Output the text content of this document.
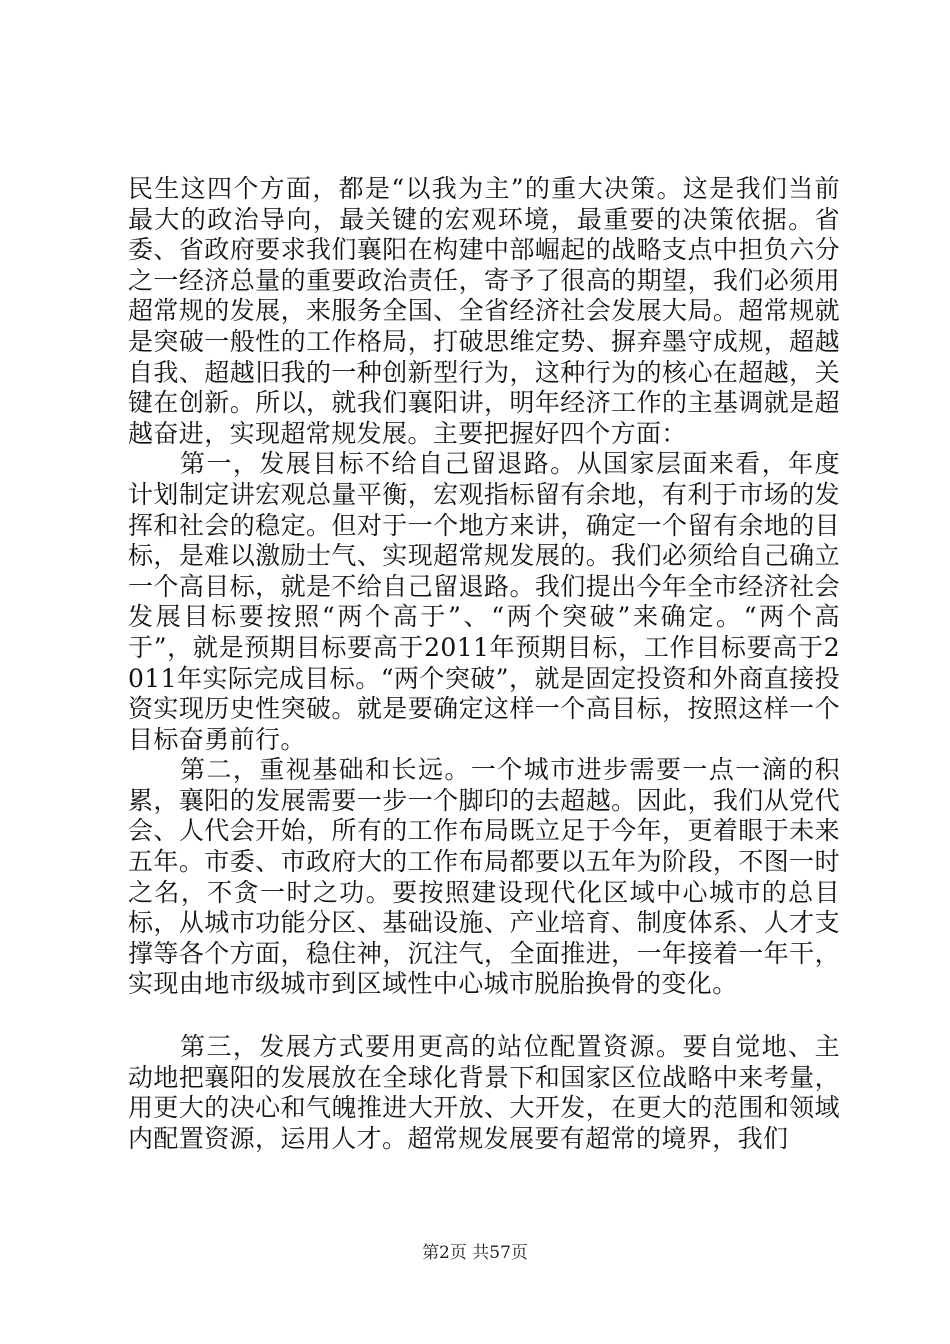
民生这四个方面，都是“以我为主”的重大决策。这是我们当前最大的政治导向，最关键的宏观环境，最重要的决策依据。省委、省政府要求我们襄阳在构建中部崛起的战略支点中担负六分之一经济总量的重要政治责任，寄予了很高的期望，我们必须用超常规的发展，来服务全国、全省经济社会发展大局。超常规就是突破一般性的工作格局，打破思维定势、摒弃墨守成规，超越自我、超越旧我的一种创新型行为，这种行为的核心在超越，关键在创新。所以，就我们襄阳讲，明年经济工作的主基调就是超越奋进，实现超常规发展。主要把握好四个方面：

第一，发展目标不给自己留退路。从国家层面来看，年度计划制定讲宏观总量平衡，宏观指标留有余地，有利于市场的发挥和社会的稳定。但对于一个地方来讲，确定一个留有余地的目标，是难以激励士气、实现超常规发展的。我们必须给自己确立一个高目标，就是不给自己留退路。我们提出今年全市经济社会发展目标要按照“两个高于”、“两个突破”来确定。“两个高于”，就是预期目标要高于2011年预期目标，工作目标要高于2011年实际完成目标。“两个突破”，就是固定投资和外商直接投资实现历史性突破。就是要确定这样一个高目标，按照这样一个目标奋勇前行。

第二，重视基础和长远。一个城市进步需要一点一滴的积累，襄阳的发展需要一步一个脚印的去超越。因此，我们从党代会、人代会开始，所有的工作布局既立足于今年，更着眼于未来五年。市委、市政府大的工作布局都要以五年为阶段，不图一时之名，不贪一时之功。要按照建设现代化区域中心城市的总目标，从城市功能分区、基础设施、产业培育、制度体系、人才支撑等各个方面，稳住神，沉注气，全面推进，一年接着一年干，实现由地市级城市到区域性中心城市脱胎换骨的变化。

第三，发展方式要用更高的站位配置资源。要自觉地、主动地把襄阳的发展放在全球化背景下和国家区位战略中来考量，用更大的决心和气魄推进大开放、大开发，在更大的范围和领域内配置资源，运用人才。超常规发展要有超常的境界，我们

第2页 共57页
